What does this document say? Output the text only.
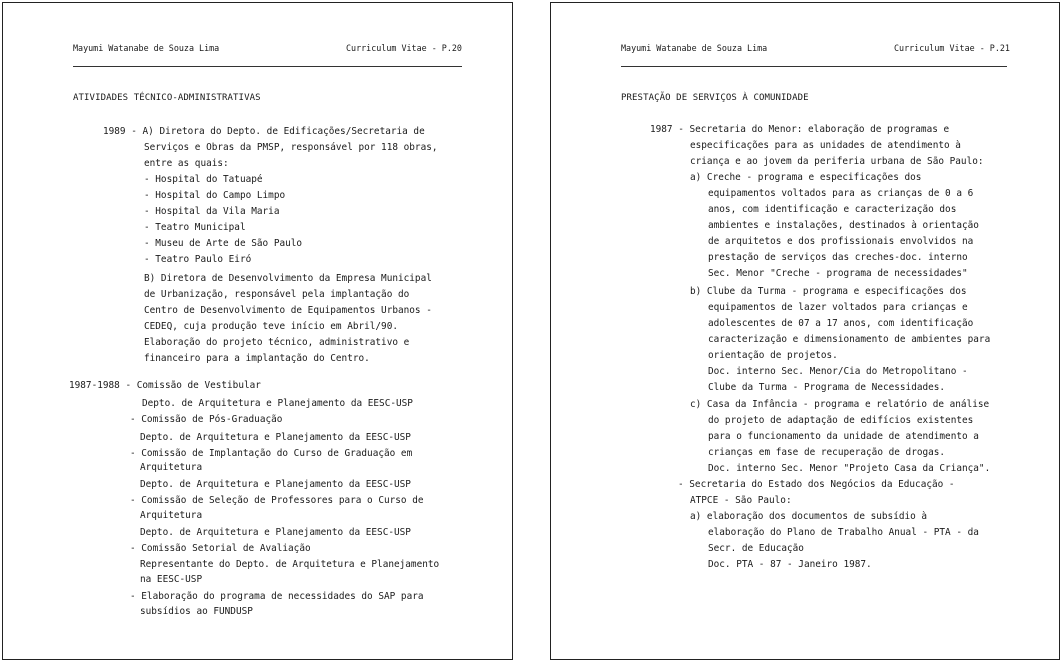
Mayumi Watanabe de Souza Lima	Curriculum Vitae - P.20
ATIVIDADES TÉCNICO-ADMINISTRATIVAS
1989 - A) Diretora do Depto. de Edificações/Secretaria de
Serviços e Obras da PMSP, responsável por 118 obras,
entre as quais:
- Hospital do Tatuapé
- Hospital do Campo Limpo
- Hospital da Vila Maria
- Teatro Municipal
- Museu de Arte de São Paulo
- Teatro Paulo Eiró
B) Diretora de Desenvolvimento da Empresa Municipal
de Urbanização, responsável pela implantação do
Centro de Desenvolvimento de Equipamentos Urbanos -
CEDEQ, cuja produção teve início em Abril/90.
Elaboração do projeto técnico, administrativo e
financeiro para a implantação do Centro.
1987-1988 - Comissão de Vestibular
Depto. de Arquitetura e Planejamento da EESC-USP
- Comissão de Pós-Graduação
Depto. de Arquitetura e Planejamento da EESC-USP
- Comissão de Implantação do Curso de Graduação em
Arquitetura
Depto. de Arquitetura e Planejamento da EESC-USP
- Comissão de Seleção de Professores para o Curso de
Arquitetura
Depto. de Arquitetura e Planejamento da EESC-USP
- Comissão Setorial de Avaliação
Representante do Depto. de Arquitetura e Planejamento
na EESC-USP
- Elaboração do programa de necessidades do SAP para
subsídios ao FUNDUSP
Mayumi Watanabe de Souza Lima	Curriculum Vitae - P.21
PRESTAÇÃO DE SERVIÇOS À COMUNIDADE
1987 - Secretaria do Menor: elaboração de programas e
especificações para as unidades de atendimento à
criança e ao jovem da periferia urbana de São Paulo:
a) Creche - programa e especificações dos
equipamentos voltados para as crianças de 0 a 6
anos, com identificação e caracterização dos
ambientes e instalações, destinados à orientação
de arquitetos e dos profissionais envolvidos na
prestação de serviços das creches-doc. interno
Sec. Menor "Creche - programa de necessidades"
b) Clube da Turma - programa e especificações dos
equipamentos de lazer voltados para crianças e
adolescentes de 07 a 17 anos, com identificação
caracterização e dimensionamento de ambientes para
orientação de projetos.
Doc. interno Sec. Menor/Cia do Metropolitano -
Clube da Turma - Programa de Necessidades.
c) Casa da Infância - programa e relatório de análise
do projeto de adaptação de edifícios existentes
para o funcionamento da unidade de atendimento a
crianças em fase de recuperação de drogas.
Doc. interno Sec. Menor "Projeto Casa da Criança".
- Secretaria do Estado dos Negócios da Educação -
ATPCE - São Paulo:
a) elaboração dos documentos de subsídio à
elaboração do Plano de Trabalho Anual - PTA - da
Secr. de Educação
Doc. PTA - 87 - Janeiro 1987.
